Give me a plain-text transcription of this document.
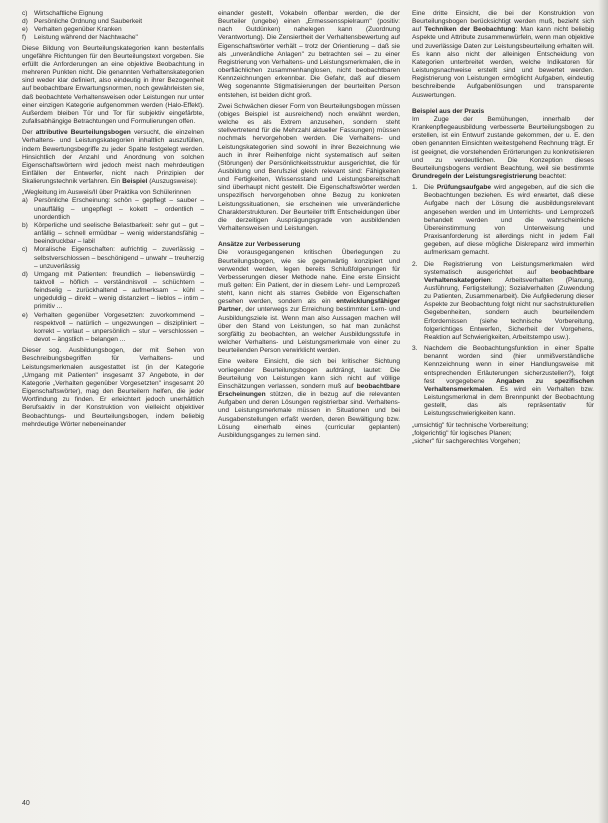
c) Wirtschaftliche Eignung
d) Persönliche Ordnung und Sauberkeit
e) Verhalten gegenüber Kranken
f)	Leistung während der Nachtwache"

Diese Bildung von Beurteilungskategorien kann bestenfalls ungefähre Richtungen für den Beurteilungstext vorgeben. Sie erfüllt die Anforderungen an eine objektive Beobachtung in mehreren Punkten nicht. Die genannten Verhaltenskategorien sind weder klar definiert, also eindeutig in ihrer Bezogenheit auf beobachtbare Erwartungsnormen, noch gewährleisten sie, daß beobachtete Verhaltensweisen oder Leistungen nur unter einer einzigen Kategorie aufgenommen werden (Halo-Effekt). Außerdem bleiben Tür und Tor für subjektiv eingefärbte, zufallsabhängige Betrachtungen und Formulierungen offen.

Der attributive Beurteilungsbogen versucht, die einzelnen Verhaltens- und Leistungskategorien inhaltlich auszufüllen, indem Bewertungsbegriffe zu jeder Spalte festgelegt werden. Hinsichtlich der Anzahl und Anordnung von solchen Eigenschaftswörtern wird jedoch meist nach mehrdeutigen Einfällen der Entwerfer, nicht nach Prinzipien der Skalierungstechnik verfahren. Ein Beispiel (Auszugsweise):

„Wegleitung im Ausweis/II über Praktika von Schülerinnen

a) Persönliche Erscheinung: schön – gepflegt – sauber – unauffällig – ungepflegt – kokett – ordentlich – unordentlich
b) Körperliche und seelische Belastbarkeit: sehr gut – gut – anfällig – schnell ermüdbar – wenig widerstandsfähig – beeindruckbar – labil
c) Moralische Eigenschaften: aufrichtig – zuverlässig – selbstverschlossen – beschönigend – unwahr – treuherzig – unzuverlässig
d) Umgang mit Patienten: freundlich – liebenswürdig – taktvoll – höflich – verständnisvoll – schüchtern – feindselig – zurückhaltend – aufmerksam – kühl – ungeduldig – direkt – wenig distanziert – lieblos – intim – primitiv ...
e) Verhalten gegenüber Vorgesetzten: zuvorkommend – respektvoll – natürlich – ungezwungen – diszipliniert – korrekt – vorlaut – unpersönlich – stur – verschlossen – devot – ängstlich – belangen ...

Dieser sog. Ausbildungsbogen, der mit Sehen von Beschreibungsbegriffen für Verhaltens- und Leistungsmerkmalen ausgestattet ist (in der Kategorie „Umgang mit Patienten" insgesamt 37 Angebote, in der Kategorie „Verhalten gegenüber Vorgesetzten" insgesamt 20 Eigenschaftswörter), mag den Beurteilern helfen, die jeder Wortfindung zu finden. Er erleichtert jedoch unerhältlich Berufsaktiv in der Konstruktion von vielleicht objektiver Beobachtungs- und Beurteilungsbogen, indem beliebig mehrdeutige Wörter nebeneinander

einander gestellt, Vokabeln offenbar werden, die der Beurteiler (ungebe) einen „Ermessensspielraum" (positiv: nach Gutdünken) nahelegen kann (Zuordnung Verantwortung). Die Zensiertheit der Verhaltensbewertung auf Eigenschaftswörter verhält – trotz der Orientierung – daß sie als „unverändliche Anlagen" zu betrachten sei – zu einer Registrierung von Verhaltens- und Leistungsmerkmalen, die in oberflächlichen zusammenhanglosen, nicht beobachtbaren Kennzeichnungen erkennbar. Die Gefahr, daß auf diesem Weg sogenannte Stigmatisierungen der beurteilten Person entstehen, ist beiden dicht groß.

Zwei Schwächen dieser Form von Beurteilungsbogen müssen (obiges Beispiel ist ausreichend) noch erwähnt werden, welche es als Extrem anzusehen, sondern steht stellvertretend für die Mehrzahl aktueller Fassungen) müssen nochmals hervorgehoben werden. Die Verhaltens- und Leistungskategorien sind sowohl in ihrer Bezeichnung wie auch in ihrer Reihenfolge nicht systematisch auf seiten (Störungen) der Persönlichkeitsstruktur ausgerichtet, die für Ausbildung und Berufsziel gleich relevant sind: Fähigkeiten und Fertigkeiten, Wissensstand und Leistungsbereitschaft sind überhaupt nicht gestellt. Die Eigenschaftswörter werden unspezifisch hervorgehoben ohne Bezug zu konkreten Leistungssituationen, sie erscheinen wie unveränderliche Charakterstrukturen. Der Beurteiler trifft Entscheidungen über die derzeitigen Ausprägungsgrade von ausbildenden Verhaltensweisen und Leistungen.

Ansätze zur Verbesserung

Die vorausgegangenen kritischen Überlegungen zu Beurteilungsbogen, wie sie gegenwärtig konzipiert und verwendet werden, legen bereits Schlußfolgerungen für Verbesserungen dieser Methode nahe. Eine erste Einsicht muß gelten: Ein Patient, der in diesem Lehr- und Lernprozeß steht, kann nicht als starres Gebilde von Eigenschaften gesehen werden, sondern als ein entwicklungsfähiger Partner, der unterwegs zur Erreichung bestimmter Lern- und Ausbildungsziele ist. Wenn man also Aussagen machen will über den Stand von Leistungen, so hat man zunächst sorgfältig zu beobachten, an welcher Ausbildungsstufe in welcher Verhaltens- und Leistungsmerkmale von einer zu beurteilenden Person verwirklicht werden.

Eine weitere Einsicht, die sich bei kritischer Sichtung vorliegender Beurteilungsbogen aufdrängt, lautet: Die Beurteilung von Leistungen kann sich nicht auf völlige Einschätzungen verlassen, sondern muß auf beobachtbare Erscheinungen stützen, die in bezug auf die relevanten Aufgaben und deren Lösungen registrierbar sind. Verhaltens- und Leistungsmerkmale müssen in Situationen und bei Ausgabenstellungen erfaßt werden, deren Bewältigung bzw. Lösung einerhalb eines (curricular geplanten) Ausbildungsganges zu lernen sind.

Eine dritte Einsicht, die bei der Konstruktion von Beurteilungsbogen berücksichtigt werden muß, bezieht sich auf Techniken der Beobachtung: Man kann nicht beliebig Aspekte und Attribute zusammenwürfeln, wenn man objektive und zuverlässige Daten zur Leistungsbeurteilung erhalten will. Es kann also nicht der alleinigen Entscheidung von Kategorien unterbreitet werden, welche Indikatoren für Leistungsnachweise erstellt sind und bewertet werden. Registrierung von Leistungen ermöglicht Aufgaben, eindeutig beschreibende Aufgabenlösungen und transparente Auswertungen.

Beispiel aus der Praxis

Im Zuge der Bemühungen, innerhalb der Krankenpflegeausbildung verbesserte Beurteilungsbogen zu erstellen, ist ein Entwurf zustande gekommen, der u. E. den oben genannten Einsichten weitestgehend Rechnung trägt. Er ist geeignet, die vorstehenden Erörterungen zu konkretisieren und zu verdeutlichen. Die Konzeption dieses Beurteilungsbogens verdient Beachtung, weil sie bestimmte Grundregeln der Leistungsregistrierung beachtet:

1. Die Prüfungsaufgabe wird angegeben, auf die sich die Beobachtungen beziehen. Es wird erwartet, daß diese Aufgabe nach der Lösung die ausbildungsrelevant angesehen werden und im Unterrichts- und Lernprozeß behandelt werden und die wahrscheinliche Übereinstimmung von Unterweisung und Praxisanforderung ist allerdings nicht in jedem Fall gegeben, auf diese mögliche Diskrepanz wird immerhin aufmerksam gemacht.
2. Die Registrierung von Leistungsmerkmalen wird systematisch ausgerichtet auf beobachtbare Verhaltenskategorien: Arbeitsverhalten (Planung, Ausführung, Fertigstellung); Sozialverhalten (Zuwendung zu Patienten, Zusammenarbeit). Die Aufgliederung dieser Aspekte zur Beobachtung folgt nicht nur sachstrukturellen Gegebenheiten, sondern auch beurteilendem Erfordernissen (siehe technische Vorbereitung, folgerichtiges Entwerfen, Sicherheit der Vorgehens, Reaktion auf Schwierigkeiten, Arbeitstempo usw.).
3. Nachdem die Beobachtungsfunktion in einer Spalte benannt worden sind (hier unmißverständliche Kennzeichnung wenn in einer Handlungsweise mit entsprechenden Erläuterungen sicherzustellen?), folgt fest vorgegebene Angaben zu spezifischen Verhaltensmerkmalen. Es wird ein Verhalten bzw. Leistungsmerkmal in dem Brennpunkt der Beobachtung gestellt, das als repräsentativ für Leistungsschwierigkeiten kann.

„umsichtig" für technische Vorbereitung;

„folgerichtig" für logisches Planen;

„sicher" für sachgerechtes Vorgehen;

40
